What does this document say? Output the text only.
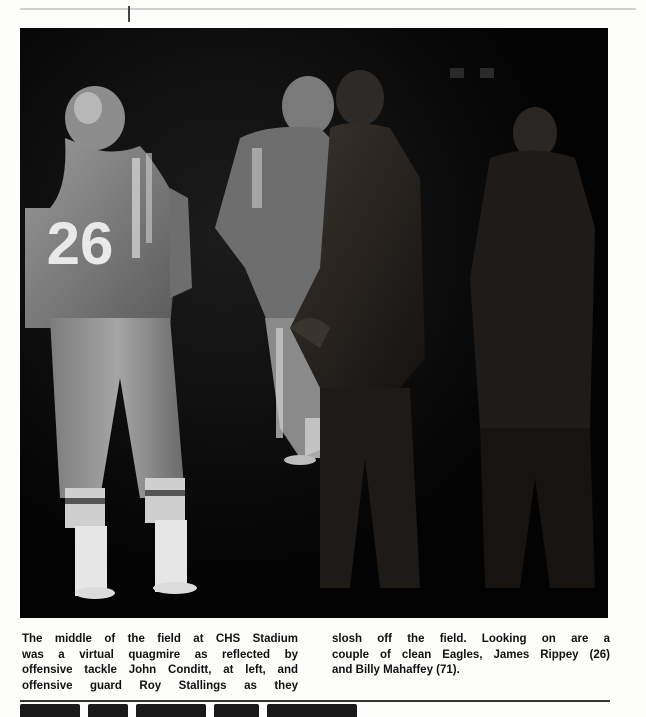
26
The middle of the field at CHS Stadium
was a virtual quagmire as reflected by
offensive tackle John Conditt, at left, and
offensive guard Roy Stallings as they
slosh off the field. Looking on are a
couple of clean Eagles, James Rippey (26)
and Billy Mahaffey (71).
